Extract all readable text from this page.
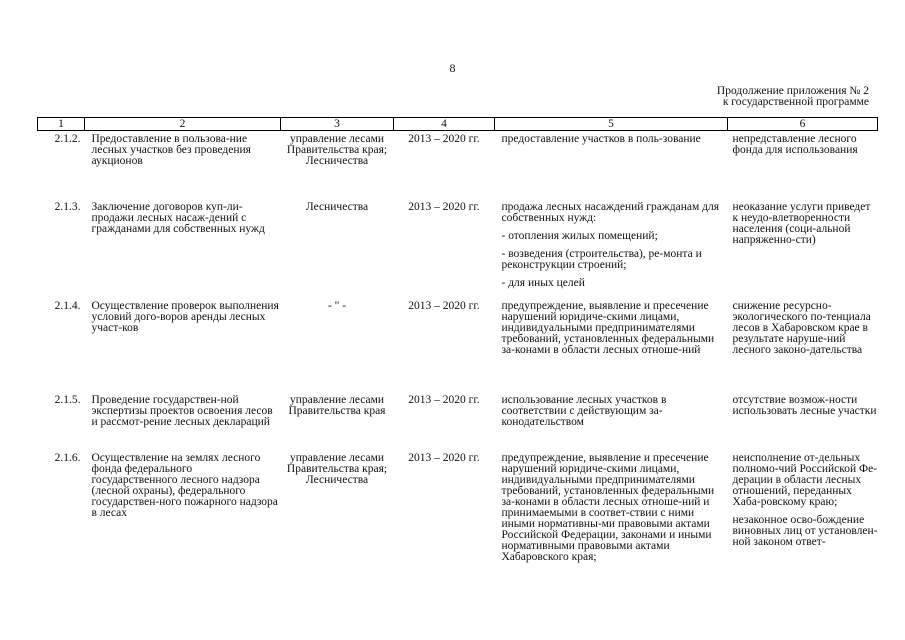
8
Продолжение приложения № 2
к государственной программе
1	2	3	4	5	6
2.1.2.	Предоставление в пользова-ние лесных участков без проведения аукционов	управление лесами Правительства края; Лесничества	2013 – 2020 гг.	предоставление участков в поль-зование	непредставление лесного фонда для использования

2.1.3.	Заключение договоров куп-ли-продажи лесных насаж-дений с гражданами для собственных нужд	Лесничества	2013 – 2020 гг.	продажа лесных насаждений гражданам для собственных нужд:
- отопления жилых помещений;
- возведения (строительства), ре-монта и реконструкции строений;
- для иных целей	неоказание услуги приведет к неудо-влетворенности населения (соци-альной напряженно-сти)

2.1.4.	Осуществление проверок выполнения условий дого-воров аренды лесных участ-ков	- " -	2013 – 2020 гг.	предупреждение, выявление и пресечение нарушений юридиче-скими лицами, индивидуальными предпринимателями требований, установленных федеральными за-конами в области лесных отноше-ний	снижение ресурсно-экологического по-тенциала лесов в Хабаровском крае в результате наруше-ний лесного законо-дательства

2.1.5.	Проведение государствен-ной экспертизы проектов освоения лесов и рассмот-рение лесных деклараций	управление лесами Правительства края	2013 – 2020 гг.	использование лесных участков в соответствии с действующим за-конодательством	отсутствие возмож-ности использовать лесные участки

2.1.6.	Осуществление на землях лесного фонда федерального государственного лесного надзора (лесной охраны), федерального государствен-ного пожарного надзора в лесах	управление лесами Правительства края; Лесничества	2013 – 2020 гг.	предупреждение, выявление и пресечение нарушений юридиче-скими лицами, индивидуальными предпринимателями требований, установленных федеральными за-конами в области лесных отноше-ний и принимаемыми в соответ-ствии с ними иными нормативны-ми правовыми актами Российской Федерации, законами и иными нормативными правовыми актами Хабаровского края;	неисполнение от-дельных полномо-чий Российской Фе-дерации в области лесных отношений, переданных Хаба-ровскому краю;
незаконное осво-бождение виновных лиц от установлен-ной законом ответ-
